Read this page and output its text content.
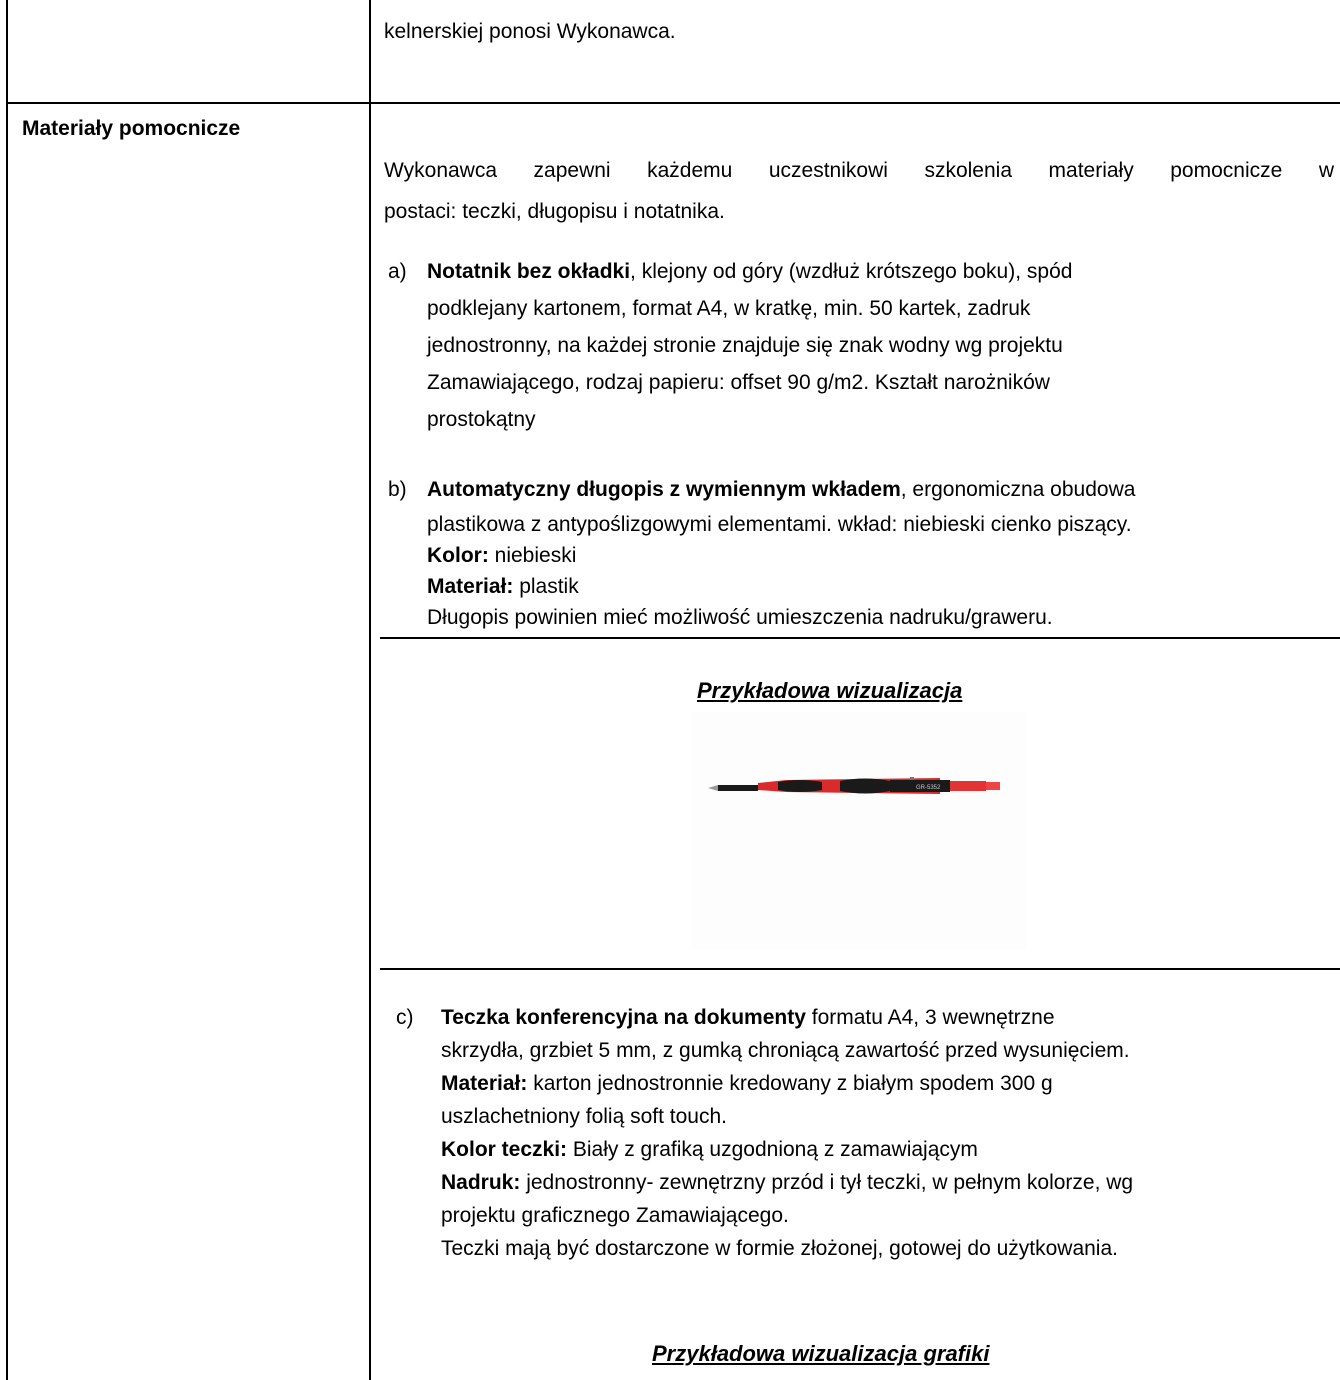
kelnerskiej ponosi Wykonawca.

Materiały pomocnicze

Wykonawca zapewni każdemu uczestnikowi szkolenia materiały pomocnicze w
postaci: teczki, długopisu i notatnika.
a) Notatnik bez okładki, klejony od góry (wzdłuż krótszego boku), spód
podklejany kartonem, format A4, w kratkę, min. 50 kartek, zadruk
jednostronny, na każdej stronie znajduje się znak wodny wg projektu
Zamawiającego, rodzaj papieru: offset 90 g/m2. Kształt narożników
prostokątny
b) Automatyczny długopis z wymiennym wkładem, ergonomiczna obudowa
plastikowa z antypoślizgowymi elementami. wkład: niebieski cienko piszący.
Kolor: niebieski
Materiał: plastik
Długopis powinien mieć możliwość umieszczenia nadruku/graweru.
Przykładowa wizualizacja
GR-5352
c) Teczka konferencyjna na dokumenty formatu A4, 3 wewnętrzne
skrzydła, grzbiet 5 mm, z gumką chroniącą zawartość przed wysunięciem.
Materiał: karton jednostronnie kredowany z białym spodem 300 g
uszlachetniony folią soft touch.
Kolor teczki: Biały z grafiką uzgodnioną z zamawiającym
Nadruk: jednostronny- zewnętrzny przód i tył teczki, w pełnym kolorze, wg
projektu graficznego Zamawiającego.
Teczki mają być dostarczone w formie złożonej, gotowej do użytkowania.
Przykładowa wizualizacja grafiki
